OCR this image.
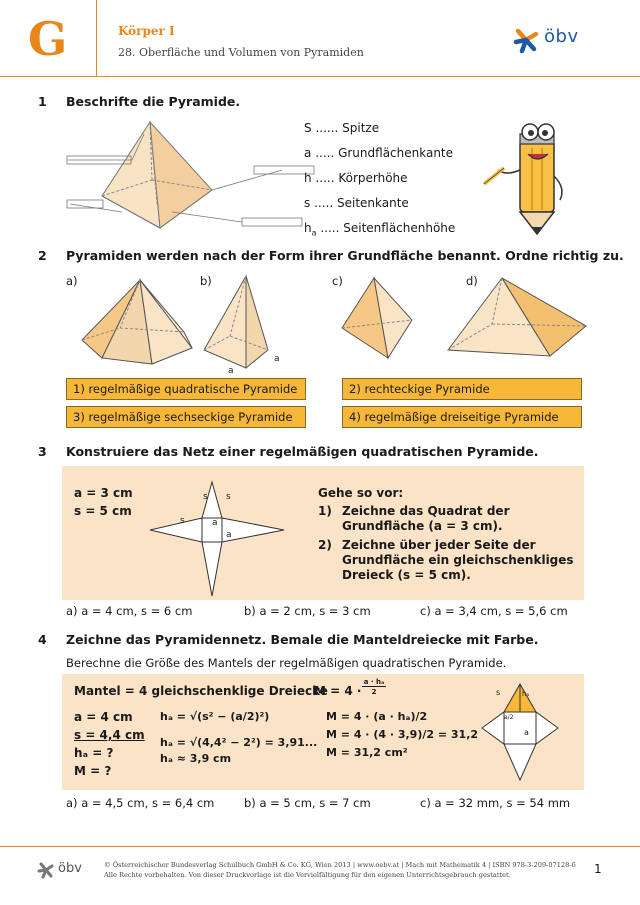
G	Körper I
28. Oberfläche und Volumen von Pyramiden
öbv
1 Beschrifte die Pyramide.
S ...... Spitze
a ..... Grundflächenkante
h ..... Körperhöhe
s ..... Seitenkante
$h_a$ ..... Seitenflächenhöhe
2 Pyramiden werden nach der Form ihrer Grundfläche benannt. Ordne richtig zu.
a)	b)	c)	d)
a
a
1) regelmäßige quadratische Pyramide	2) rechteckige Pyramide
3) regelmäßige sechseckige Pyramide	4) regelmäßige dreiseitige Pyramide
3 Konstruiere das Netz einer regelmäßigen quadratischen Pyramide.
a = 3 cm
s = 5 cm
s s
s	a
a
Gehe so vor:
1) Zeichne das Quadrat der Grundfläche (a = 3 cm).
2) Zeichne über jeder Seite der Grundfläche ein gleichschenkliges Dreieck (s = 5 cm).
a) a = 4 cm, s = 6 cm	b) a = 2 cm, s = 3 cm	c) a = 3,4 cm, s = 5,6 cm
4 Zeichne das Pyramidennetz. Bemale die Manteldreiecke mit Farbe.
Berechne die Größe des Mantels der regelmäßigen quadratischen Pyramide.
Mantel = 4 gleichschenklige Dreiecke
M = 4 ·
a · hₐ
2
a = 4 cm
s = 4,4 cm
hₐ = ?
M = ?
hₐ = √(s² − (a/2)²)
hₐ = √(4,4² − 2²) = 3,91...
hₐ ≈ 3,9 cm
M = 4 · (a · hₐ)/2
M = 4 · (4 · 3,9)/2 = 31,2
M = 31,2 cm²
s	hₐ
a/2
a
a) a = 4,5 cm, s = 6,4 cm	b) a = 5 cm, s = 7 cm	c) a = 32 mm, s = 54 mm
öbv	© Österreichischer Bundesverlag Schulbuch GmbH & Co. KG, Wien 2013 | www.oebv.at | Mach mit Mathematik 4 | ISBN 978-3-209-07128-6
Alle Rechte vorbehalten. Von dieser Druckvorlage ist die Vervielfältigung für den eigenen Unterrichtsgebrauch gestattet.	1
